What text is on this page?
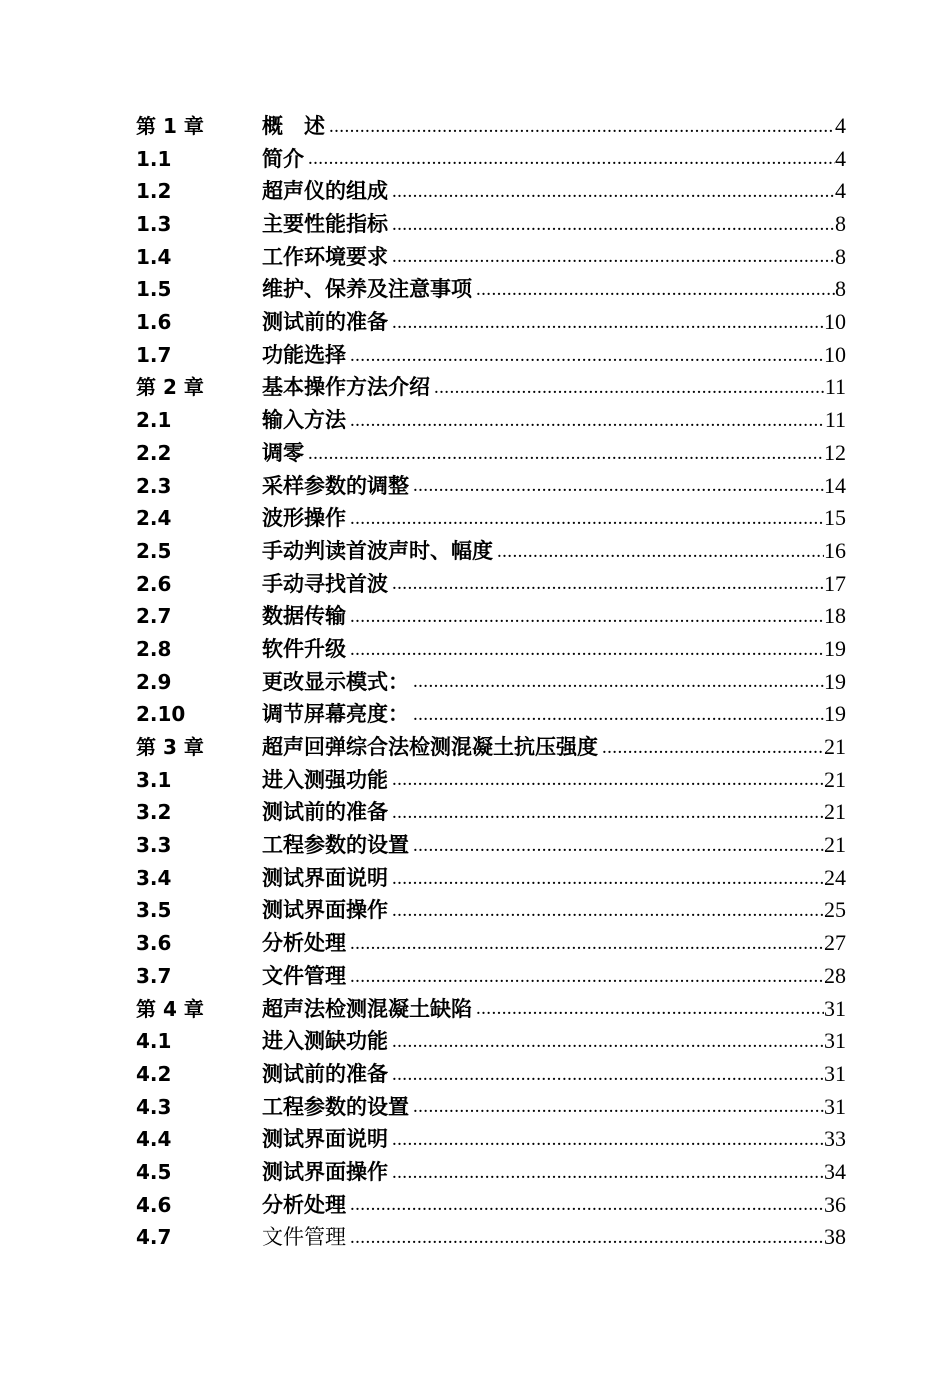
第 1 章	概　述 .....	4
1.1	简介 .....	4
1.2	超声仪的组成 .....	4
1.3	主要性能指标 .....	8
1.4	工作环境要求 .....	8
1.5	维护、保养及注意事项 .....	8
1.6	测试前的准备 .....	10
1.7	功能选择 .....	10
第 2 章	基本操作方法介绍 .....	11
2.1	输入方法 .....	11
2.2	调零 .....	12
2.3	采样参数的调整 .....	14
2.4	波形操作 .....	15
2.5	手动判读首波声时、幅度 .....	16
2.6	手动寻找首波 .....	17
2.7	数据传输 .....	18
2.8	软件升级 .....	19
2.9	更改显示模式： .....	19
2.10	调节屏幕亮度： .....	19
第 3 章	超声回弹综合法检测混凝土抗压强度 .....	21
3.1	进入测强功能 .....	21
3.2	测试前的准备 .....	21
3.3	工程参数的设置 .....	21
3.4	测试界面说明 .....	24
3.5	测试界面操作 .....	25
3.6	分析处理 .....	27
3.7	文件管理 .....	28
第 4 章	超声法检测混凝土缺陷 .....	31
4.1	进入测缺功能 .....	31
4.2	测试前的准备 .....	31
4.3	工程参数的设置 .....	31
4.4	测试界面说明 .....	33
4.5	测试界面操作 .....	34
4.6	分析处理 .....	36
4.7	文件管理 .....	38
